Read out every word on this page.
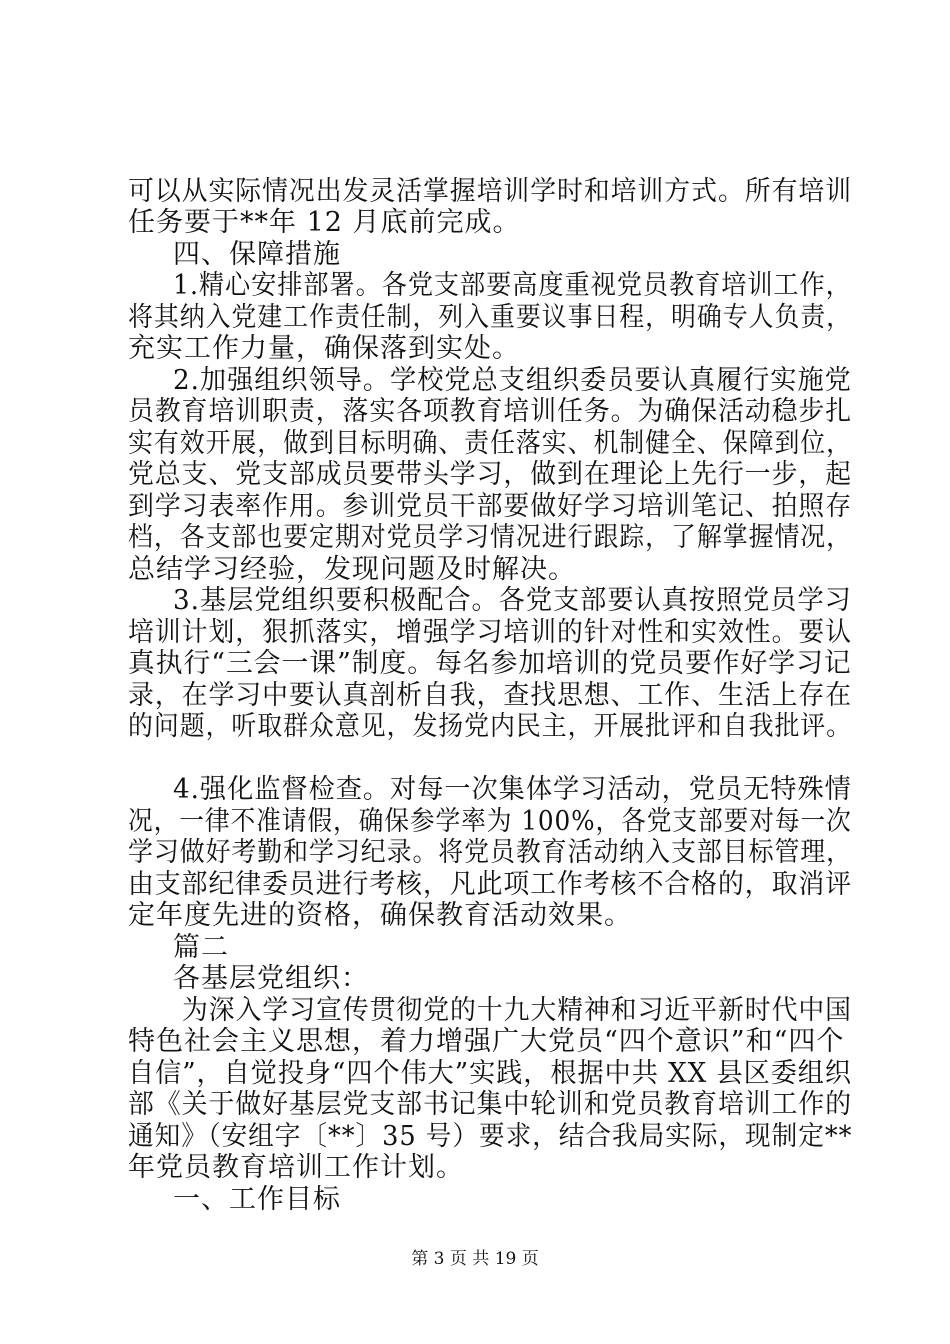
可以从实际情况出发灵活掌握培训学时和培训方式。所有培训
任务要于**年 12 月底前完成。
四、保障措施
1.精心安排部署。各党支部要高度重视党员教育培训工作，
将其纳入党建工作责任制，列入重要议事日程，明确专人负责，
充实工作力量，确保落到实处。
2.加强组织领导。学校党总支组织委员要认真履行实施党
员教育培训职责，落实各项教育培训任务。为确保活动稳步扎
实有效开展，做到目标明确、责任落实、机制健全、保障到位，
党总支、党支部成员要带头学习，做到在理论上先行一步，起
到学习表率作用。参训党员干部要做好学习培训笔记、拍照存
档，各支部也要定期对党员学习情况进行跟踪，了解掌握情况，
总结学习经验，发现问题及时解决。
3.基层党组织要积极配合。各党支部要认真按照党员学习
培训计划，狠抓落实，增强学习培训的针对性和实效性。要认
真执行“三会一课”制度。每名参加培训的党员要作好学习记
录，在学习中要认真剖析自我，查找思想、工作、生活上存在
的问题，听取群众意见，发扬党内民主，开展批评和自我批评。
4.强化监督检查。对每一次集体学习活动，党员无特殊情
况，一律不准请假，确保参学率为 100%，各党支部要对每一次
学习做好考勤和学习纪录。将党员教育活动纳入支部目标管理，
由支部纪律委员进行考核，凡此项工作考核不合格的，取消评
定年度先进的资格，确保教育活动效果。
篇二
各基层党组织：
为深入学习宣传贯彻党的十九大精神和习近平新时代中国
特色社会主义思想，着力增强广大党员“四个意识”和“四个
自信”，自觉投身“四个伟大”实践，根据中共 XX 县区委组织
部《关于做好基层党支部书记集中轮训和党员教育培训工作的
通知》（安组字〔**〕35 号）要求，结合我局实际，现制定**
年党员教育培训工作计划。
一、工作目标
第 3 页 共 19 页
